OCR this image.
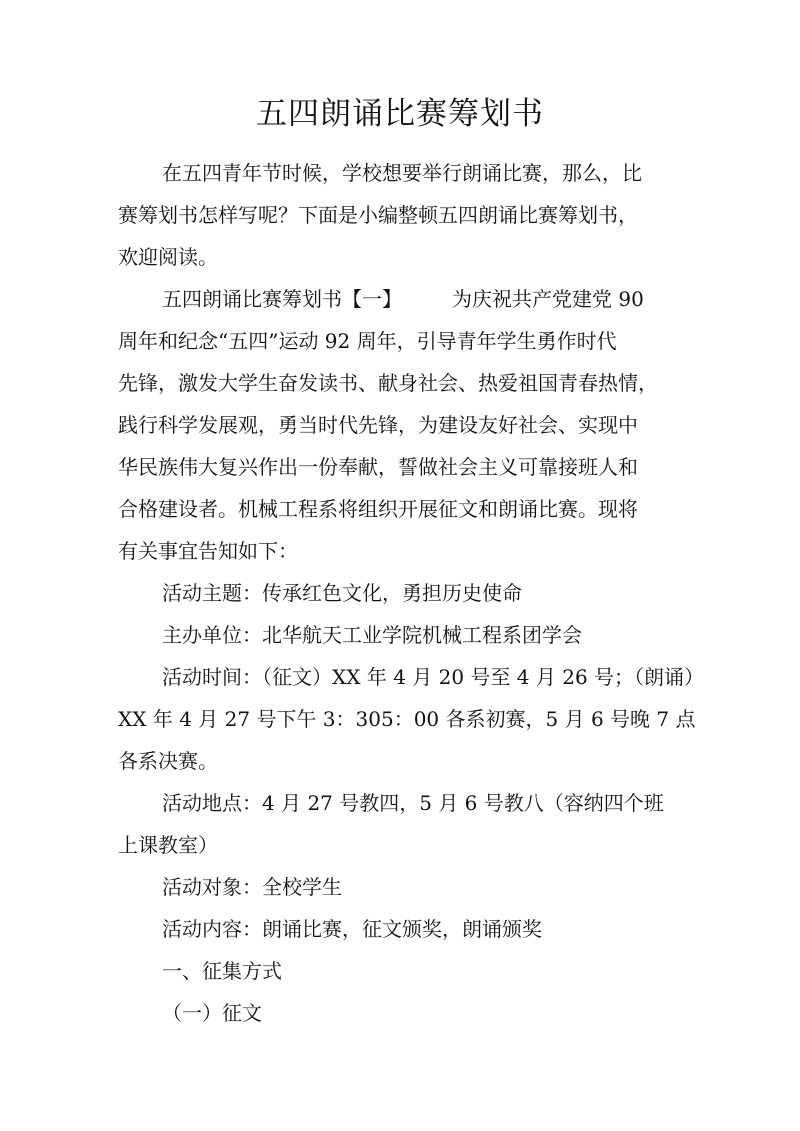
五四朗诵比赛筹划书
在五四青年节时候，学校想要举行朗诵比赛，那么，比
赛筹划书怎样写呢？下面是小编整顿五四朗诵比赛筹划书，
欢迎阅读。
五四朗诵比赛筹划书【一】	为庆祝共产党建党 90
周年和纪念“五四”运动 92 周年，引导青年学生勇作时代
先锋，激发大学生奋发读书、献身社会、热爱祖国青春热情，
践行科学发展观，勇当时代先锋，为建设友好社会、实现中
华民族伟大复兴作出一份奉献，誓做社会主义可靠接班人和
合格建设者。机械工程系将组织开展征文和朗诵比赛。现将
有关事宜告知如下：
活动主题：传承红色文化，勇担历史使命
主办单位：北华航天工业学院机械工程系团学会
活动时间：（征文）XX 年 4 月 20 号至 4 月 26 号；（朗诵）
XX 年 4 月 27 号下午 3：305：00 各系初赛，5 月 6 号晚 7 点
各系决赛。
活动地点：4 月 27 号教四，5 月 6 号教八（容纳四个班
上课教室）
活动对象：全校学生
活动内容：朗诵比赛，征文颁奖，朗诵颁奖
一、征集方式
（一）征文
